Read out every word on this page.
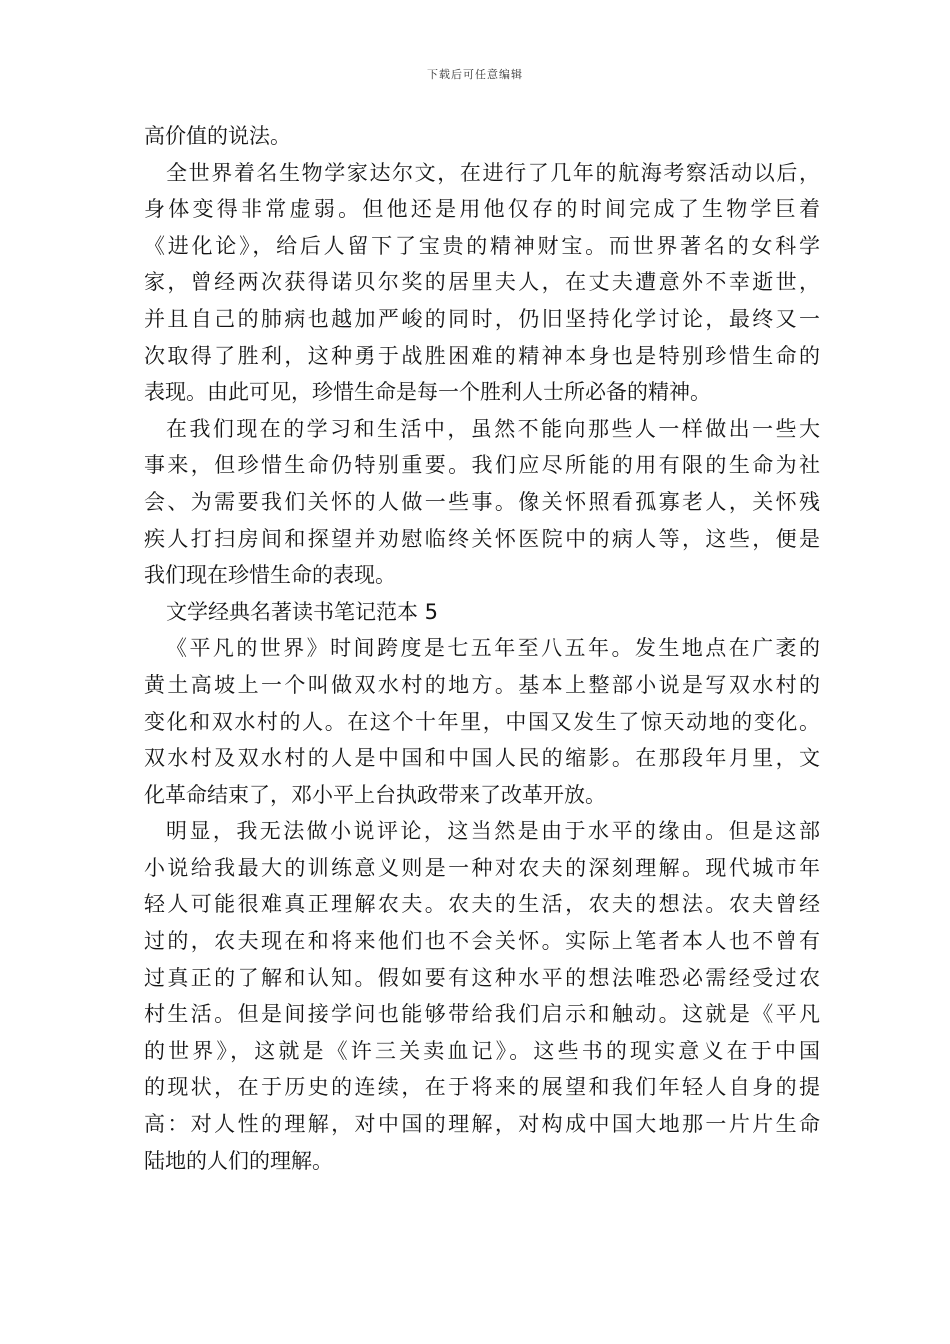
下载后可任意编辑
高价值的说法。
全世界着名生物学家达尔文，在进行了几年的航海考察活动以后，
身体变得非常虚弱。但他还是用他仅存的时间完成了生物学巨着
《进化论》，给后人留下了宝贵的精神财宝。而世界著名的女科学
家，曾经两次获得诺贝尔奖的居里夫人，在丈夫遭意外不幸逝世，
并且自己的肺病也越加严峻的同时，仍旧坚持化学讨论，最终又一
次取得了胜利，这种勇于战胜困难的精神本身也是特别珍惜生命的
表现。由此可见，珍惜生命是每一个胜利人士所必备的精神。
在我们现在的学习和生活中，虽然不能向那些人一样做出一些大
事来，但珍惜生命仍特别重要。我们应尽所能的用有限的生命为社
会、为需要我们关怀的人做一些事。像关怀照看孤寡老人，关怀残
疾人打扫房间和探望并劝慰临终关怀医院中的病人等，这些，便是
我们现在珍惜生命的表现。
文学经典名著读书笔记范本 5
《平凡的世界》时间跨度是七五年至八五年。发生地点在广袤的
黄土高坡上一个叫做双水村的地方。基本上整部小说是写双水村的
变化和双水村的人。在这个十年里，中国又发生了惊天动地的变化。
双水村及双水村的人是中国和中国人民的缩影。在那段年月里，文
化革命结束了，邓小平上台执政带来了改革开放。
明显，我无法做小说评论，这当然是由于水平的缘由。但是这部
小说给我最大的训练意义则是一种对农夫的深刻理解。现代城市年
轻人可能很难真正理解农夫。农夫的生活，农夫的想法。农夫曾经
过的，农夫现在和将来他们也不会关怀。实际上笔者本人也不曾有
过真正的了解和认知。假如要有这种水平的想法唯恐必需经受过农
村生活。但是间接学问也能够带给我们启示和触动。这就是《平凡
的世界》，这就是《许三关卖血记》。这些书的现实意义在于中国
的现状，在于历史的连续，在于将来的展望和我们年轻人自身的提
高：对人性的理解，对中国的理解，对构成中国大地那一片片生命
陆地的人们的理解。
